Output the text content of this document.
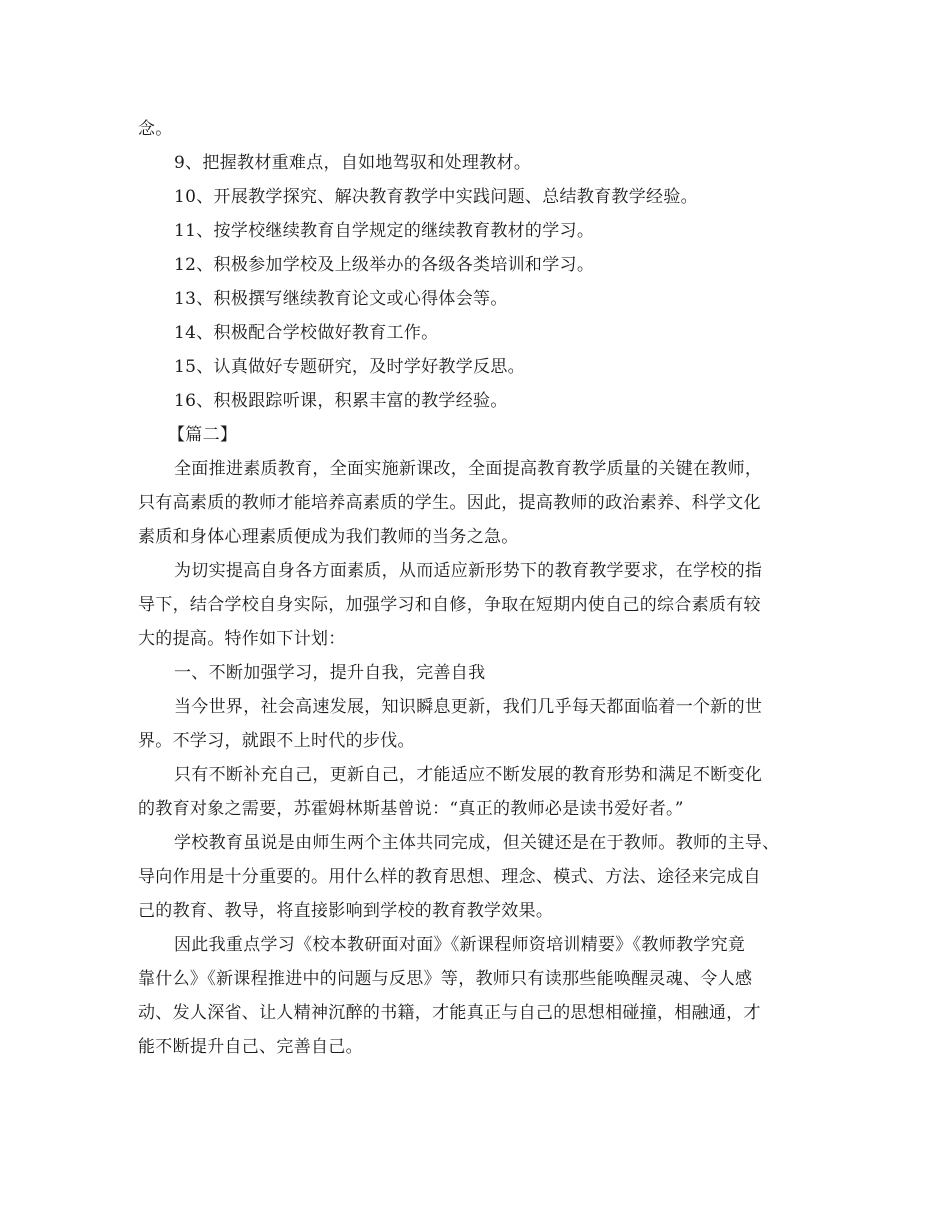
念。
9、把握教材重难点，自如地驾驭和处理教材。
10、开展教学探究、解决教育教学中实践问题、总结教育教学经验。
11、按学校继续教育自学规定的继续教育教材的学习。
12、积极参加学校及上级举办的各级各类培训和学习。
13、积极撰写继续教育论文或心得体会等。
14、积极配合学校做好教育工作。
15、认真做好专题研究，及时学好教学反思。
16、积极跟踪听课，积累丰富的教学经验。
【篇二】
全面推进素质教育，全面实施新课改，全面提高教育教学质量的关键在教师，
只有高素质的教师才能培养高素质的学生。因此，提高教师的政治素养、科学文化
素质和身体心理素质便成为我们教师的当务之急。
为切实提高自身各方面素质，从而适应新形势下的教育教学要求，在学校的指
导下，结合学校自身实际，加强学习和自修，争取在短期内使自己的综合素质有较
大的提高。特作如下计划：
一、不断加强学习，提升自我，完善自我
当今世界，社会高速发展，知识瞬息更新，我们几乎每天都面临着一个新的世
界。不学习，就跟不上时代的步伐。
只有不断补充自己，更新自己，才能适应不断发展的教育形势和满足不断变化
的教育对象之需要，苏霍姆林斯基曾说：“真正的教师必是读书爱好者。”
学校教育虽说是由师生两个主体共同完成，但关键还是在于教师。教师的主导、
导向作用是十分重要的。用什么样的教育思想、理念、模式、方法、途径来完成自
己的教育、教导，将直接影响到学校的教育教学效果。
因此我重点学习《校本教研面对面》《新课程师资培训精要》《教师教学究竟
靠什么》《新课程推进中的问题与反思》等，教师只有读那些能唤醒灵魂、令人感
动、发人深省、让人精神沉醉的书籍，才能真正与自己的思想相碰撞，相融通，才
能不断提升自己、完善自己。
